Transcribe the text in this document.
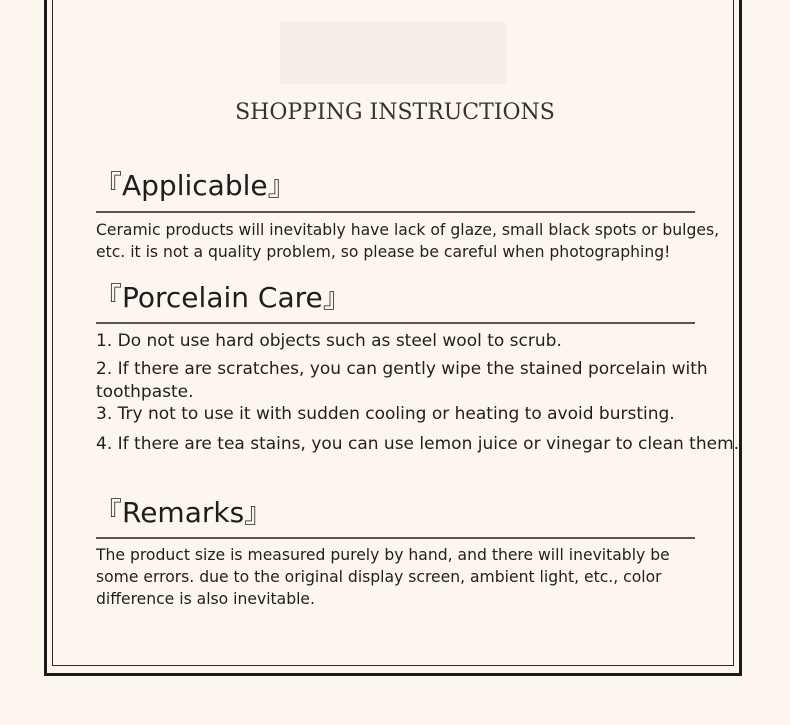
SHOPPING INSTRUCTIONS
『Applicable』
Ceramic products will inevitably have lack of glaze, small black spots or bulges,
etc. it is not a quality problem, so please be careful when photographing!
『Porcelain Care』
1. Do not use hard objects such as steel wool to scrub.
2. If there are scratches, you can gently wipe the stained porcelain with toothpaste.
3. Try not to use it with sudden cooling or heating to avoid bursting.
4. If there are tea stains, you can use lemon juice or vinegar to clean them.
『Remarks』
The product size is measured purely by hand, and there will inevitably be
some errors. due to the original display screen, ambient light, etc., color
difference is also inevitable.
